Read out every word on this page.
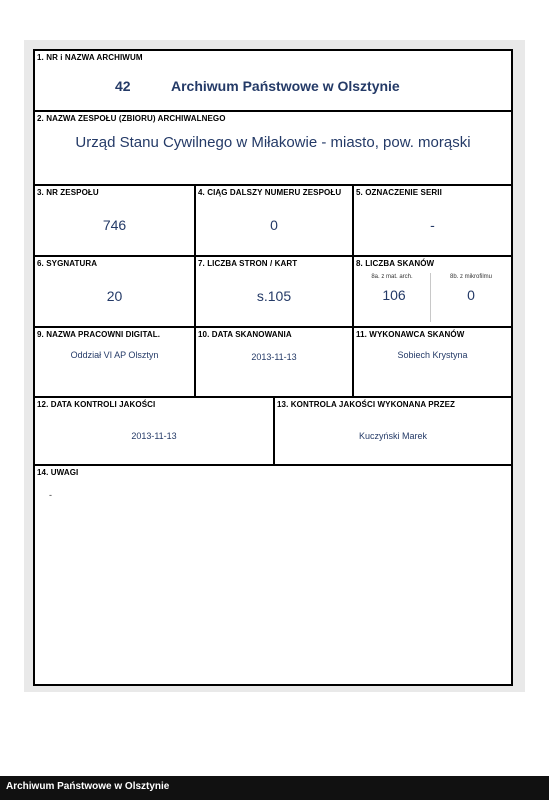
1. NR i NAZWA ARCHIWUM
42	Archiwum Państwowe w Olsztynie
2. NAZWA ZESPOŁU (ZBIORU) ARCHIWALNEGO
Urząd Stanu Cywilnego w Miłakowie - miasto, pow. morąski
3. NR ZESPOŁU
746
4. CIĄG DALSZY NUMERU ZESPOŁU
0
5. OZNACZENIE SERII
-
6. SYGNATURA
20
7. LICZBA STRON / KART
s.105
8. LICZBA SKANÓW
8a. z mat. arch.	8b. z mikrofilmu
106	0
9. NAZWA PRACOWNI DIGITAL.
Oddział VI AP Olsztyn
10. DATA SKANOWANIA
2013-11-13
11. WYKONAWCA SKANÓW
Sobiech Krystyna
12. DATA KONTROLI JAKOŚCI
2013-11-13
13. KONTROLA JAKOŚCI WYKONANA PRZEZ
Kuczyński Marek
14. UWAGI
-
Archiwum Państwowe w Olsztynie
